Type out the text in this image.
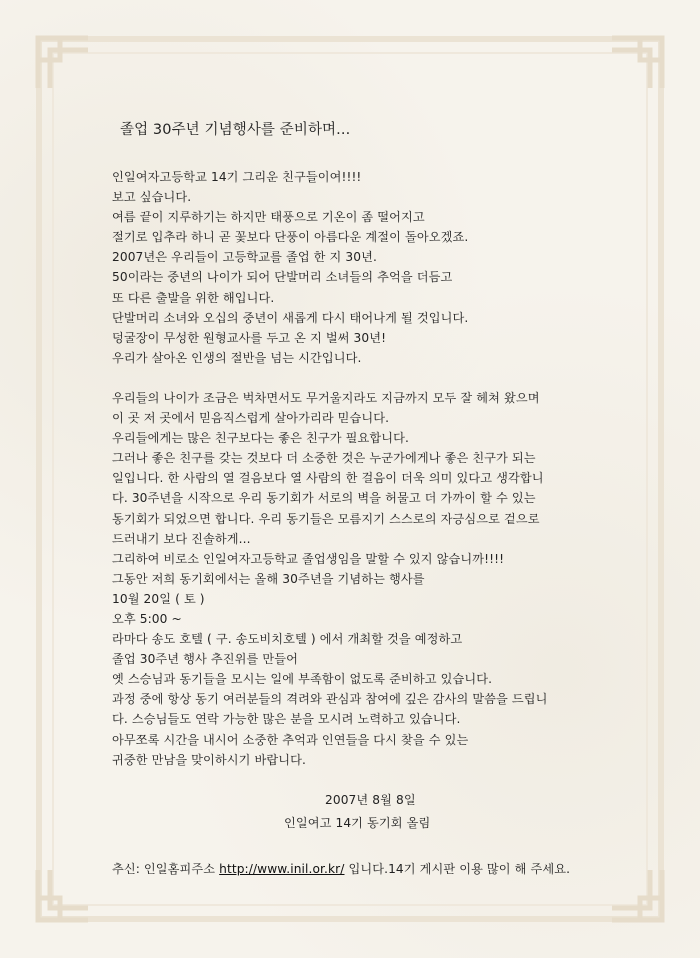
졸업 30주년 기념행사를 준비하며...
인일여자고등학교 14기 그리운 친구들이여!!!!
보고 싶습니다.
여름 끝이 지루하기는 하지만 태풍으로 기온이 좀 떨어지고
절기로 입추라 하니 곧 꽃보다 단풍이 아름다운 계절이 돌아오겠죠.
2007년은 우리들이 고등학교를 졸업 한 지 30년.
50이라는 중년의 나이가 되어 단발머리 소녀들의 추억을 더듬고
또 다른 출발을 위한 해입니다.
단발머리 소녀와 오십의 중년이 새롭게 다시 태어나게 될 것입니다.
덩굴장이 무성한 원형교사를 두고 온 지 벌써 30년!
우리가 살아온 인생의 절반을 넘는 시간입니다.
우리들의 나이가 조금은 벅차면서도 무거울지라도 지금까지 모두 잘 헤쳐 왔으며
이 곳 저 곳에서 믿음직스럽게 살아가리라 믿습니다.
우리들에게는 많은 친구보다는 좋은 친구가 필요합니다.
그러나 좋은 친구를 갖는 것보다 더 소중한 것은 누군가에게나 좋은 친구가 되는
일입니다. 한 사람의 열 걸음보다 열 사람의 한 걸음이 더욱 의미 있다고 생각합니
다. 30주년을 시작으로 우리 동기회가 서로의 벽을 허물고 더 가까이 할 수 있는
동기회가 되었으면 합니다. 우리 동기들은 모름지기 스스로의 자긍심으로 겉으로
드러내기 보다 진솔하게...
그리하여 비로소 인일여자고등학교 졸업생임을 말할 수 있지 않습니까!!!!
그동안 저희 동기회에서는 올해 30주년을 기념하는 행사를
10월 20일 ( 토 )
오후 5:00 ~
라마다 송도 호텔 ( 구. 송도비치호텔 ) 에서 개최할 것을 예정하고
졸업 30주년 행사 추진위를 만들어
옛 스승님과 동기들을 모시는 일에 부족함이 없도록 준비하고 있습니다.
과정 중에 항상 동기 여러분들의 격려와 관심과 참여에 깊은 감사의 말씀을 드립니
다. 스승님들도 연락 가능한 많은 분을 모시려 노력하고 있습니다.
아무쪼록 시간을 내시어 소중한 추억과 인연들을 다시 찾을 수 있는
귀중한 만남을 맞이하시기 바랍니다.
2007년 8월 8일
인일여고 14기 동기회 올림
추신: 인일홈피주소 http://www.inil.or.kr/ 입니다.14기 게시판 이용 많이 해 주세요.
